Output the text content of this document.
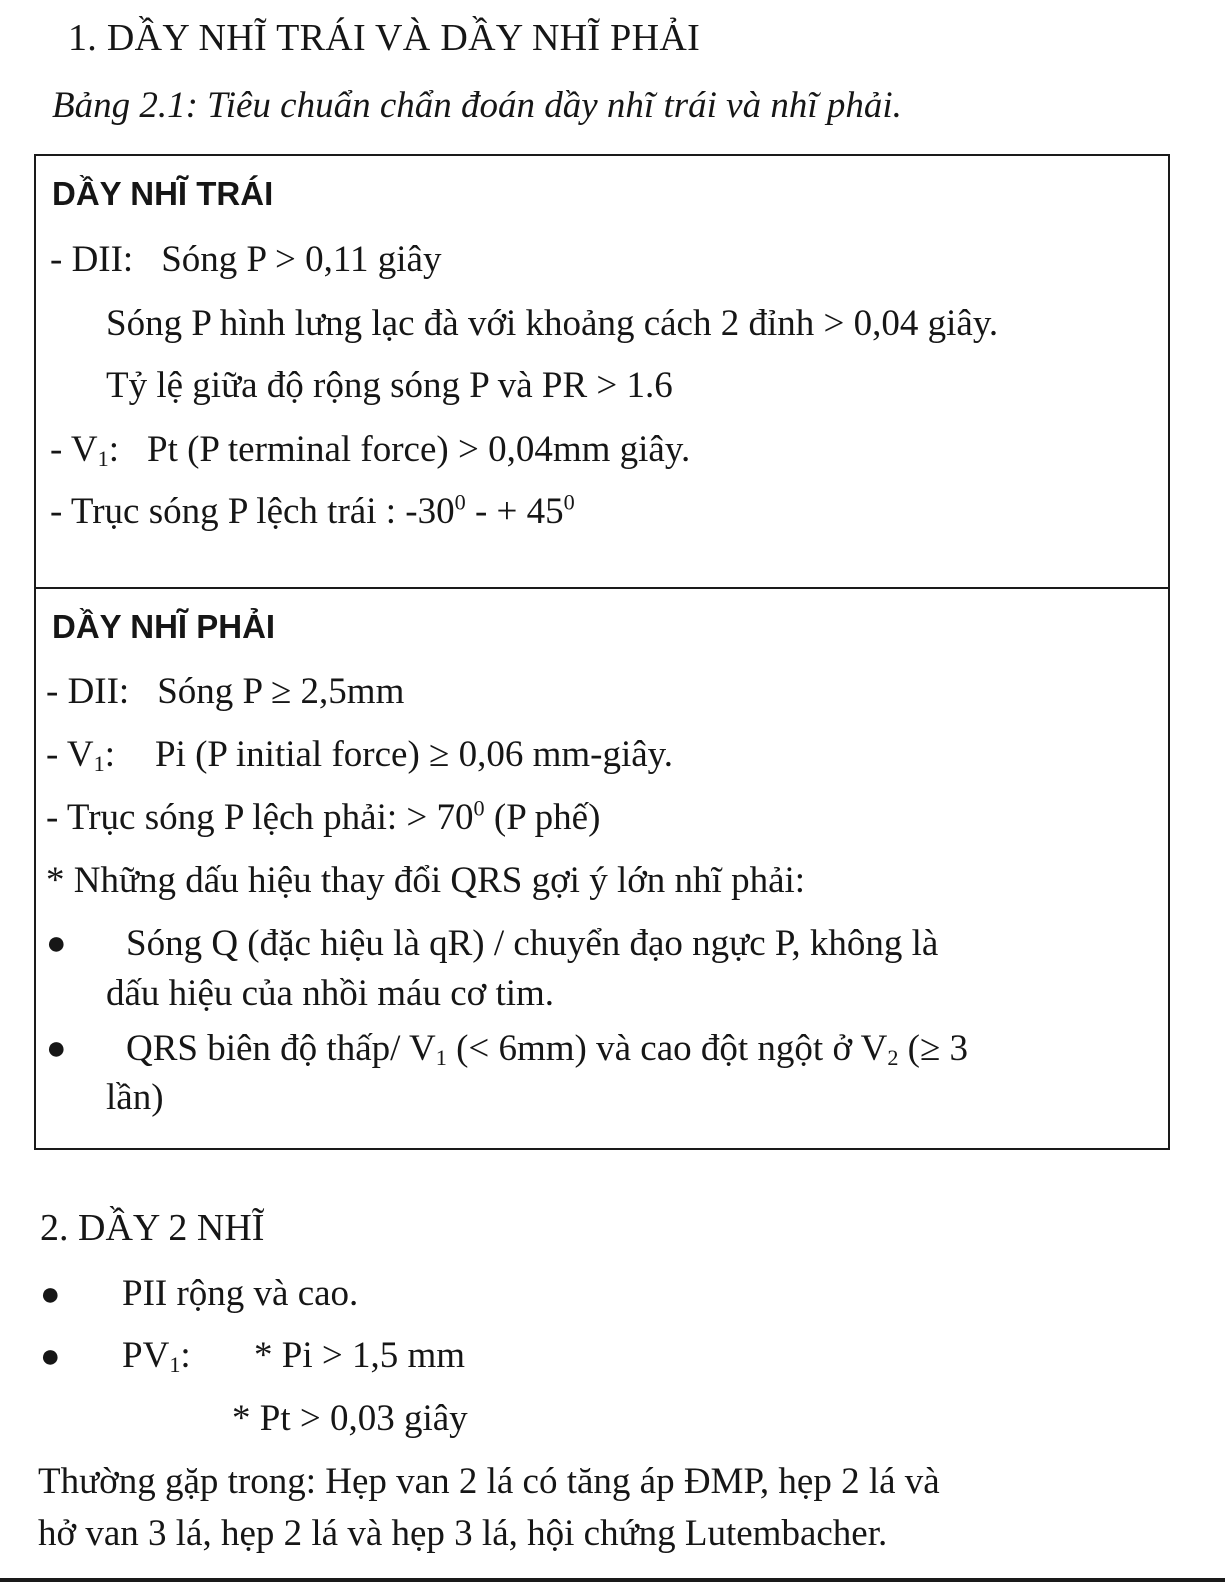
1. DẦY NHĨ TRÁI VÀ DẦY NHĨ PHẢI
Bảng 2.1: Tiêu chuẩn chẩn đoán dầy nhĩ trái và nhĩ phải.
DẦY NHĨ TRÁI
- DII: Sóng P > 0,11 giây
Sóng P hình lưng lạc đà với khoảng cách 2 đỉnh > 0,04 giây.
Tỷ lệ giữa độ rộng sóng P và PR > 1.6
- $V_1$: Pt (P terminal force) > 0,04mm giây.
- Trục sóng P lệch trái : $-30^0$ - + $45^0$
DẦY NHĨ PHẢI
- DII: Sóng P ≥ 2,5mm
- $V_1$: Pi (P initial force) ≥ 0,06 mm-giây.
- Trục sóng P lệch phải: > $70^0$ (P phế)
* Những dấu hiệu thay đổi QRS gợi ý lớn nhĩ phải:
● Sóng Q (đặc hiệu là qR) / chuyển đạo ngực P, không là
dấu hiệu của nhồi máu cơ tim.
● QRS biên độ thấp/ $V_1$ (< 6mm) và cao đột ngột ở $V_2$ (≥ 3
lần)
2. DẦY 2 NHĨ
● PII rộng và cao.
● $PV_1$: * Pi > 1,5 mm
* Pt > 0,03 giây
Thường gặp trong: Hẹp van 2 lá có tăng áp ĐMP, hẹp 2 lá và
hở van 3 lá, hẹp 2 lá và hẹp 3 lá, hội chứng Lutembacher.
